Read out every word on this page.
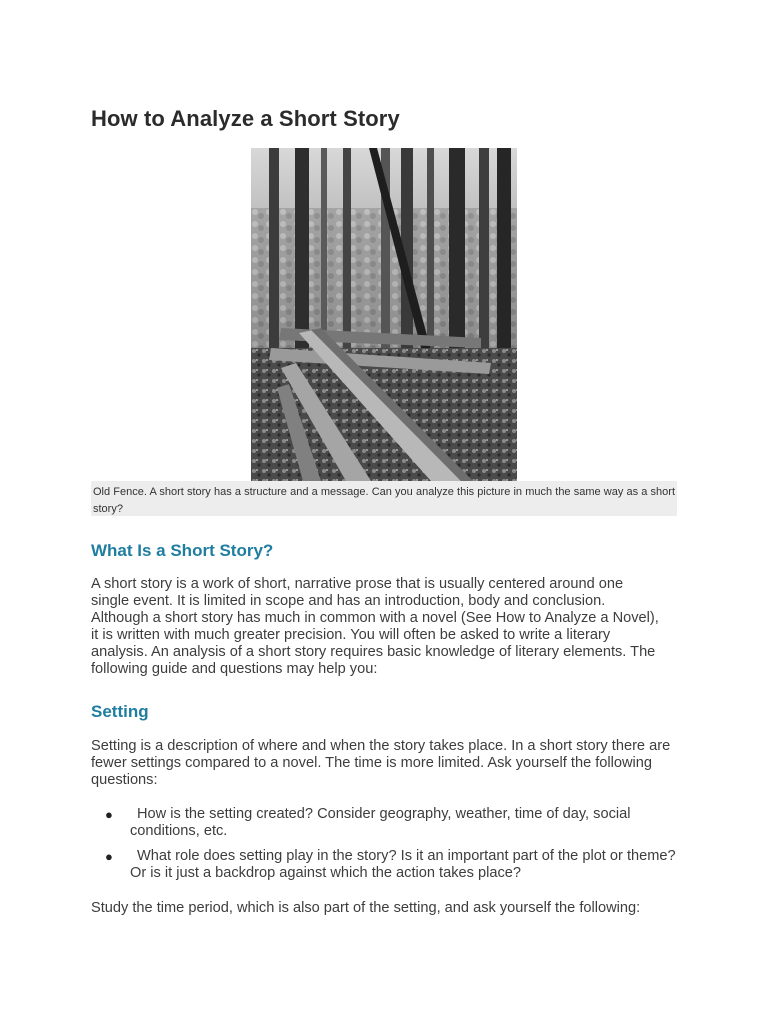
How to Analyze a Short Story
Old Fence. A short story has a structure and a message. Can you analyze this picture in much the same way as a short story?
What Is a Short Story?

A short story is a work of short, narrative prose that is usually centered around one single event. It is limited in scope and has an introduction, body and conclusion. Although a short story has much in common with a novel (See How to Analyze a Novel), it is written with much greater precision. You will often be asked to write a literary analysis. An analysis of a short story requires basic knowledge of literary elements. The following guide and questions may help you:

Setting

Setting is a description of where and when the story takes place. In a short story there are fewer settings compared to a novel. The time is more limited. Ask yourself the following questions:

●	How is the setting created? Consider geography, weather, time of day, social conditions, etc.
●	What role does setting play in the story? Is it an important part of the plot or theme? Or is it just a backdrop against which the action takes place?

Study the time period, which is also part of the setting, and ask yourself the following:
